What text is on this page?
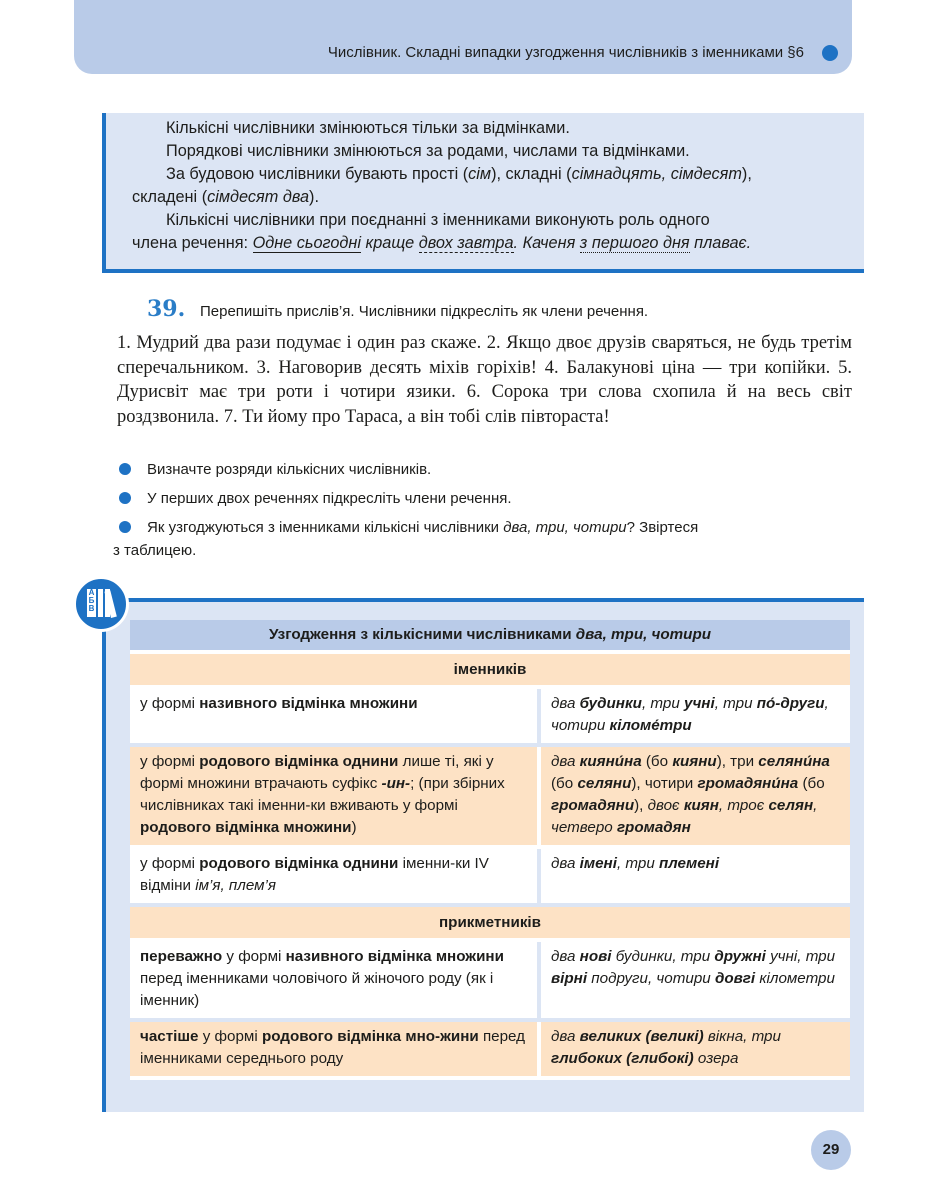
Числівник. Складні випадки узгодження числівників з іменниками §6

Кількісні числівники змінюються тільки за відмінками.

Порядкові числівники змінюються за родами, числами та відмінками.

За будовою числівники бувають прості (сім), складні (сімнадцять, сімдесят),

складені (сімдесят два).

Кількісні числівники при поєднанні з іменниками виконують роль одного

члена речення: Одне сьогодні краще двох завтра. Каченя з першого дня плаває.

39. Перепишіть прислів’я. Числівники підкресліть як члени речення.

1. Мудрий два рази подумає і один раз скаже. 2. Якщо двоє друзів сваряться, не будь третім сперечальником. 3. Наговорив десять міхів горіхів! 4. Балакунові ціна — три копійки. 5. Дурисвіт має три роти і чотири язики. 6. Сорока три слова схопила й на весь світ роздзвонила. 7. Ти йому про Тараса, а він тобі слів півтораста!

Визначте розряди кількісних числівників.
У перших двох реченнях підкресліть члени речення.
Як узгоджуються з іменниками кількісні числівники два, три, чотири? Звіртеся
з таблицею.
А
Б
В
Узгодження з кількісними числівниками два, три, чотири	
іменників	
у формі називного відмінка множини	два будинки, три учні, три по́-други, чотири кіломе́три
у формі родового відмінка однини лише ті, які у формі множини втрачають суфікс -ин-; (при збірних числівниках такі іменни-ки вживають у формі родового відмінка множини)	два кияни́на (бо кияни), три селяни́на (бо селяни), чотири громадяни́на (бо громадяни), двоє киян, троє селян, четверо громадян
у формі родового відмінка однини іменни-ки IV відміни ім’я, плем’я	два імені, три племені
прикметників	
переважно у формі називного відмінка множини перед іменниками чоловічого й жіночого роду (як і іменник)	два нові будинки, три дружні учні, три вірні подруги, чотири довгі кілометри
частіше у формі родового відмінка мно-жини перед іменниками середнього роду	два великих (великі) вікна, три глибоких (глибокі) озера
29
